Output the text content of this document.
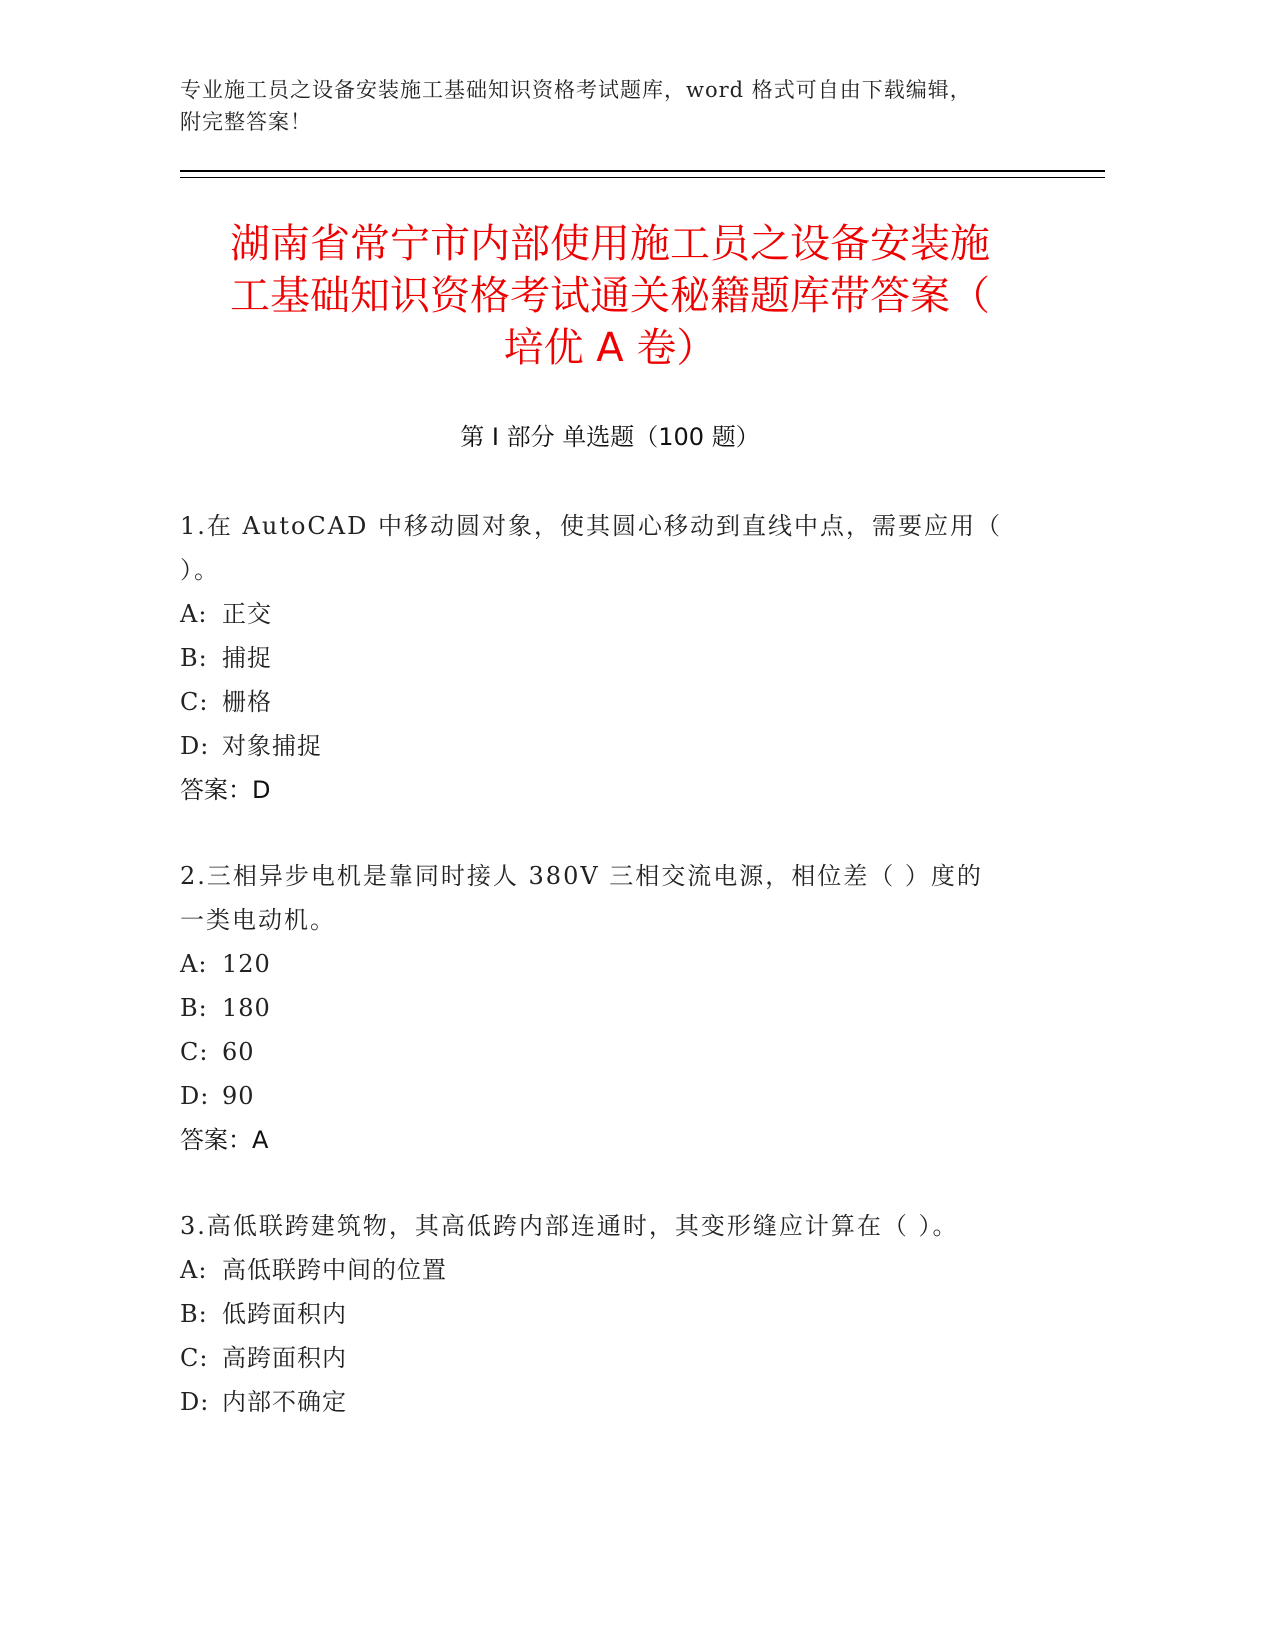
专业施工员之设备安装施工基础知识资格考试题库，word 格式可自由下载编辑，
附完整答案！
湖南省常宁市内部使用施工员之设备安装施
工基础知识资格考试通关秘籍题库带答案（
培优 A 卷）
第 I 部分 单选题（100 题）
1.在 AutoCAD 中移动圆对象，使其圆心移动到直线中点，需要应用（
）。
A: 正交
B: 捕捉
C: 栅格
D: 对象捕捉
答案：D
2.三相异步电机是靠同时接人 380V 三相交流电源，相位差（ ）度的
一类电动机。
A: 120
B: 180
C: 60
D: 90
答案：A
3.高低联跨建筑物，其高低跨内部连通时，其变形缝应计算在（ ）。
A: 高低联跨中间的位置
B: 低跨面积内
C: 高跨面积内
D: 内部不确定
